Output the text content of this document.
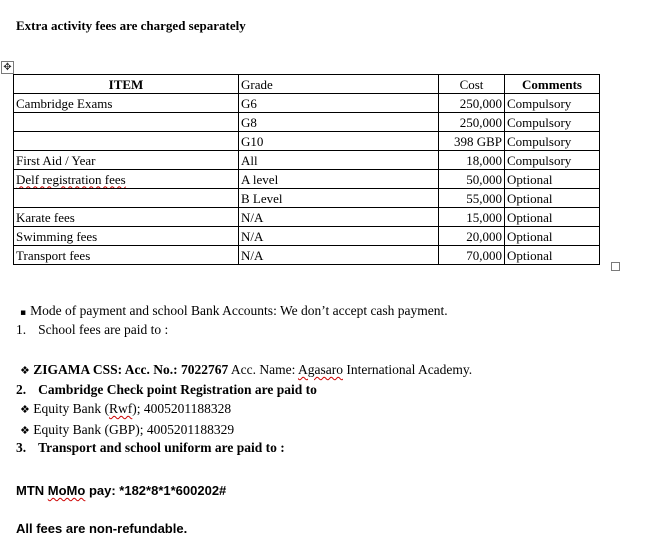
Extra activity fees are charged separately
✥
ITEM	Grade	Cost	Comments
Cambridge Exams	G6	250,000	Compulsory
	G8	250,000	Compulsory
	G10	398 GBP	Compulsory
First Aid / Year	All	18,000	Compulsory
Delf registration fees	A level	50,000	Optional
	B Level	55,000	Optional
Karate fees	N/A	15,000	Optional
Swimming fees	N/A	20,000	Optional
Transport fees	N/A	70,000	Optional
▪ Mode of payment and school Bank Accounts: We don’t accept cash payment.
1. School fees are paid to :
❖ ZIGAMA CSS: Acc. No.: 7022767 Acc. Name: Agasaro International Academy.
2. Cambridge Check point Registration are paid to
❖ Equity Bank (Rwf); 4005201188328
❖ Equity Bank (GBP); 4005201188329
3. Transport and school uniform are paid to :
MTN MoMo pay: *182*8*1*600202#
All fees are non-refundable.
